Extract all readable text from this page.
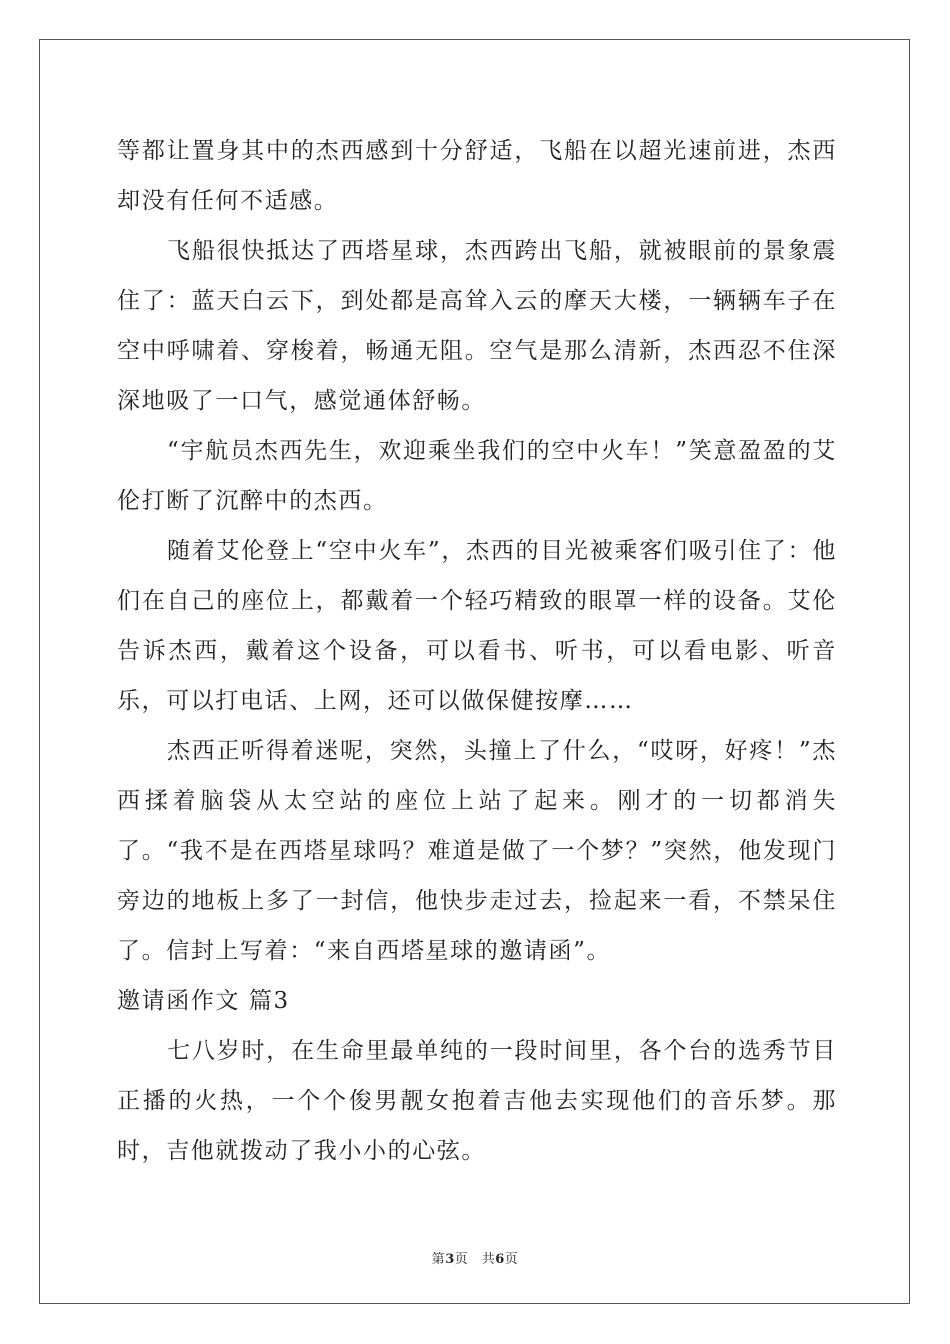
等都让置身其中的杰西感到十分舒适，飞船在以超光速前进，杰西却没有任何不适感。

飞船很快抵达了西塔星球，杰西跨出飞船，就被眼前的景象震住了：蓝天白云下，到处都是高耸入云的摩天大楼，一辆辆车子在空中呼啸着、穿梭着，畅通无阻。空气是那么清新，杰西忍不住深深地吸了一口气，感觉通体舒畅。

“宇航员杰西先生，欢迎乘坐我们的空中火车！”笑意盈盈的艾伦打断了沉醉中的杰西。

随着艾伦登上“空中火车”，杰西的目光被乘客们吸引住了：他们在自己的座位上，都戴着一个轻巧精致的眼罩一样的设备。艾伦告诉杰西，戴着这个设备，可以看书、听书，可以看电影、听音乐，可以打电话、上网，还可以做保健按摩……

杰西正听得着迷呢，突然，头撞上了什么，“哎呀，好疼！”杰西揉着脑袋从太空站的座位上站了起来。刚才的一切都消失了。“我不是在西塔星球吗？难道是做了一个梦？”突然，他发现门旁边的地板上多了一封信，他快步走过去，捡起来一看，不禁呆住了。信封上写着：“来自西塔星球的邀请函”。

邀请函作文 篇3

七八岁时，在生命里最单纯的一段时间里，各个台的选秀节目正播的火热，一个个俊男靓女抱着吉他去实现他们的音乐梦。那时，吉他就拨动了我小小的心弦。

第3页　共6页
